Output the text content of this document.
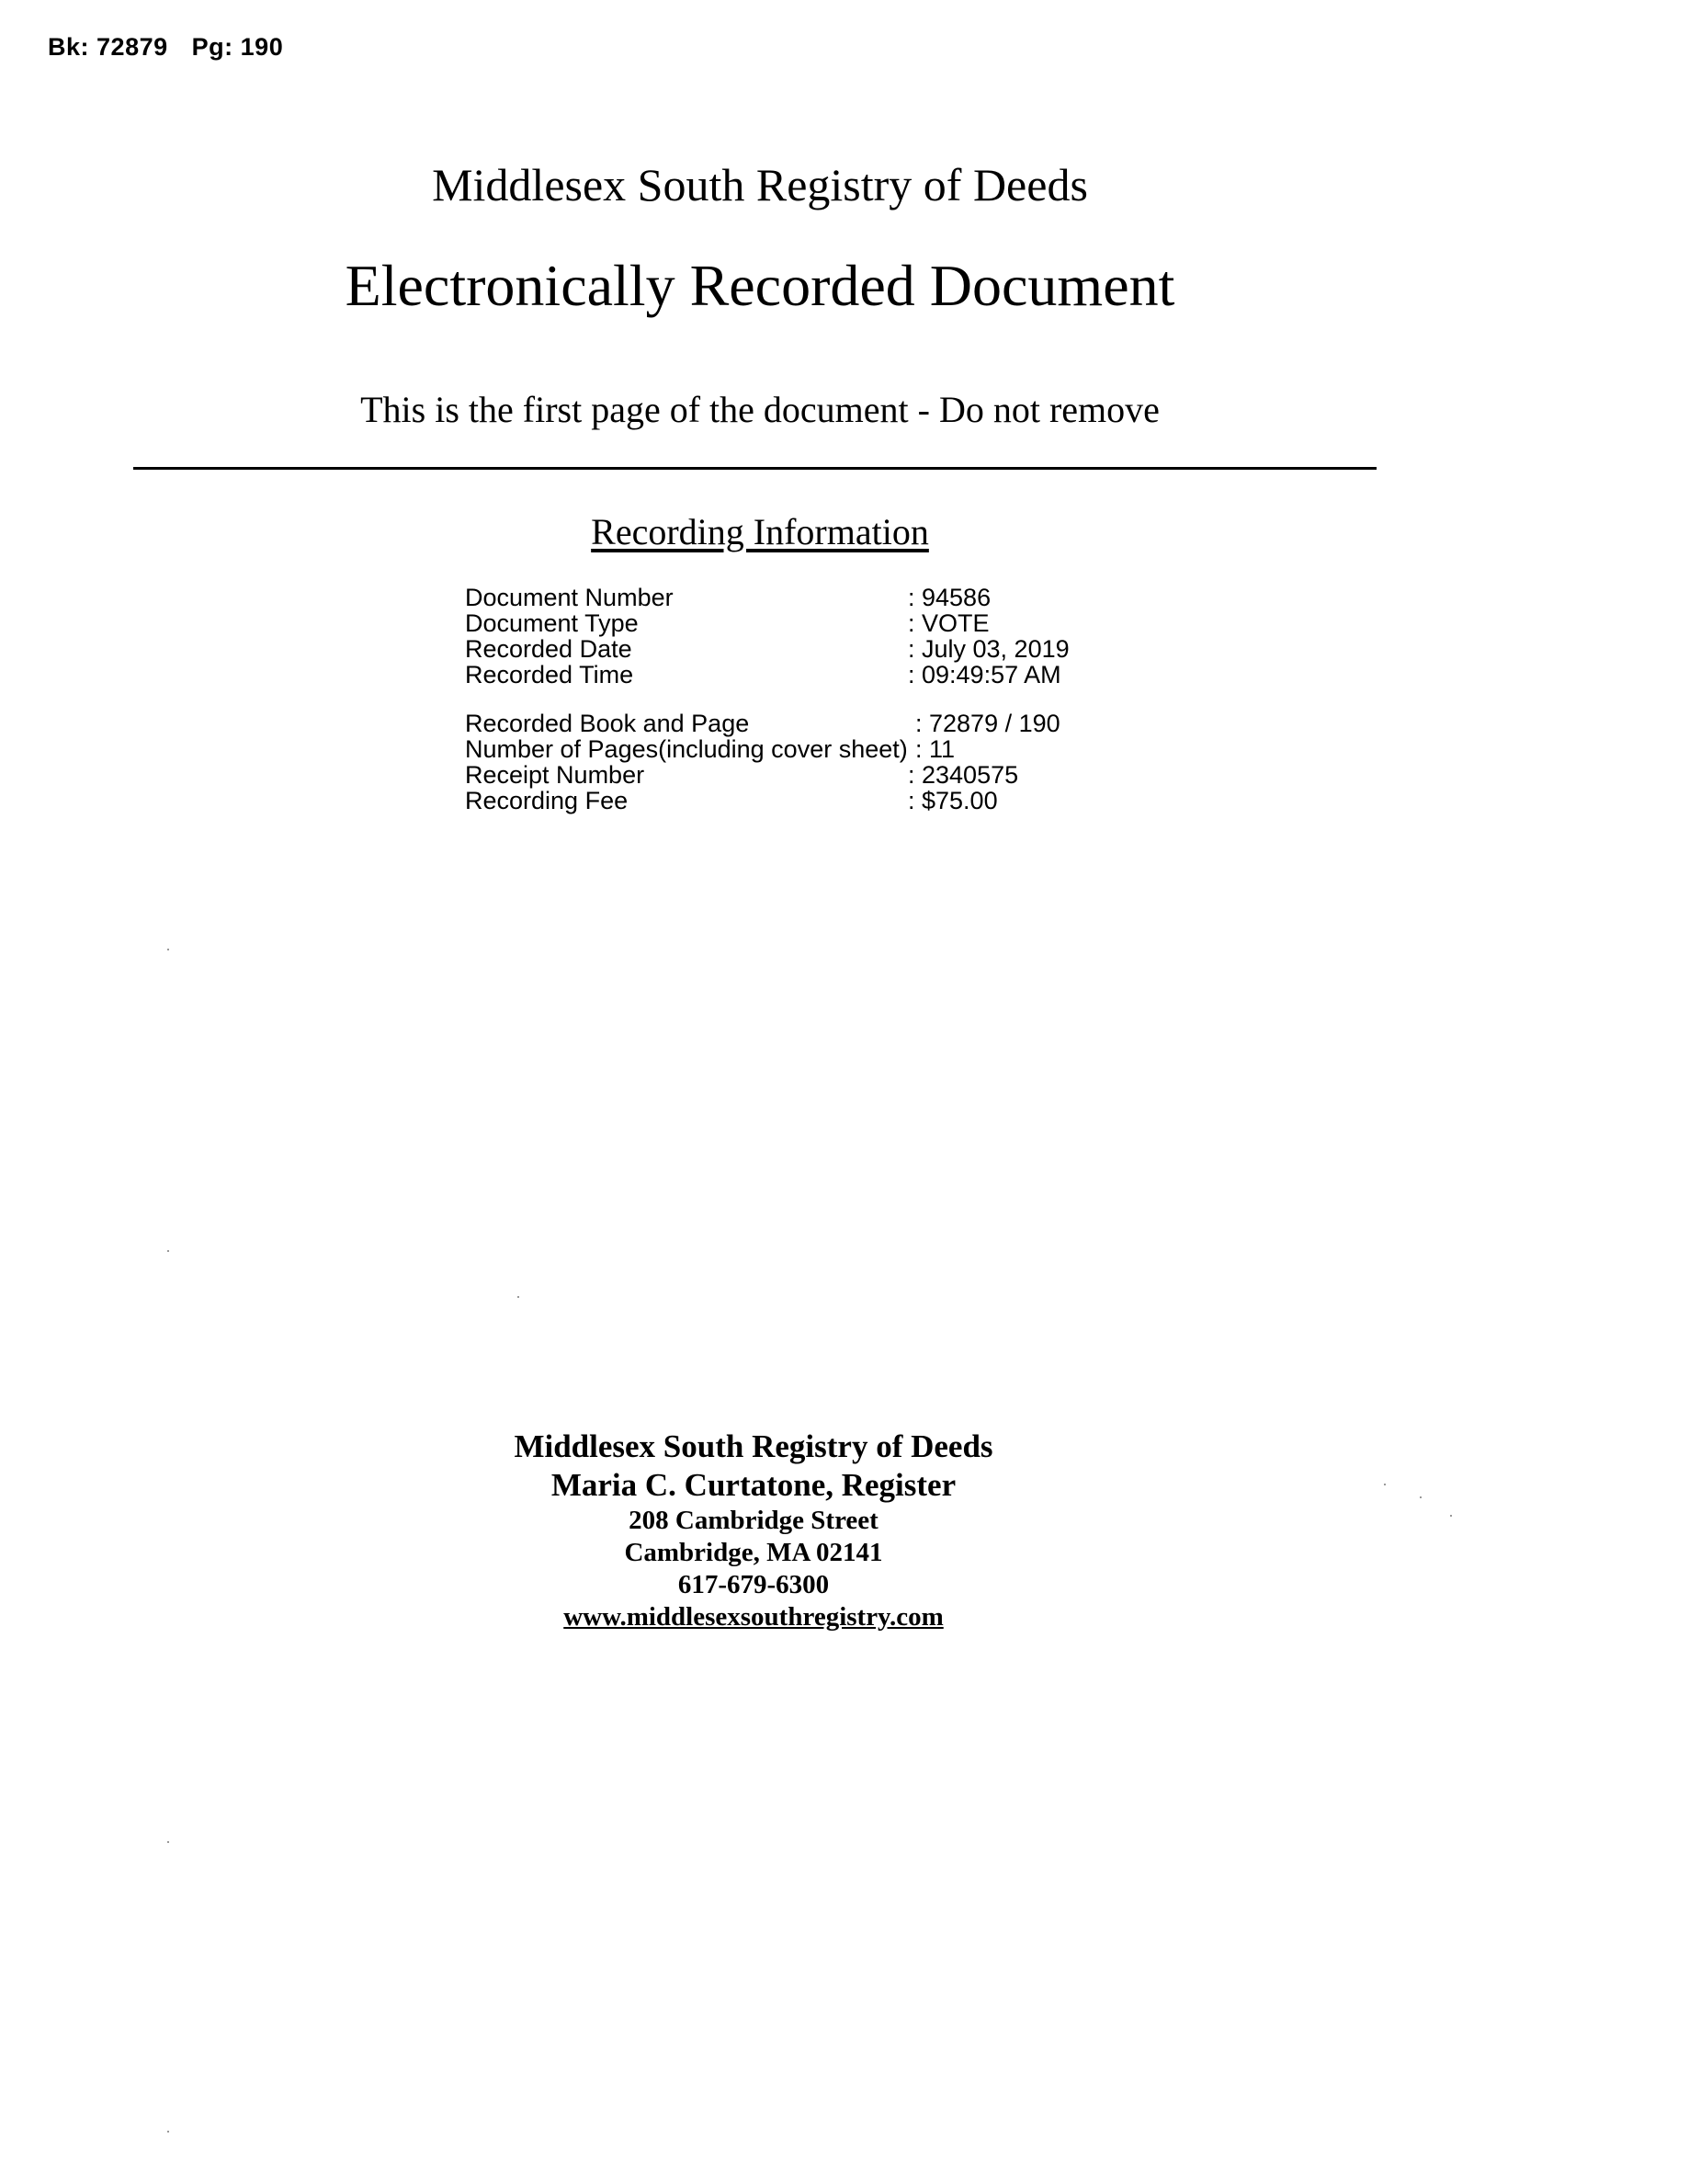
Bk: 72879 Pg: 190
Middlesex South Registry of Deeds
Electronically Recorded Document
This is the first page of the document - Do not remove
Recording Information
Document Number	: 94586
Document Type	: VOTE
Recorded Date	: July 03, 2019
Recorded Time	: 09:49:57 AM
Recorded Book and Page	: 72879 / 190
Number of Pages(including cover sheet) : 11
Receipt Number	: 2340575
Recording Fee	: $75.00
Middlesex South Registry of Deeds
Maria C. Curtatone, Register
208 Cambridge Street
Cambridge, MA 02141
617-679-6300
www.middlesexsouthregistry.com
